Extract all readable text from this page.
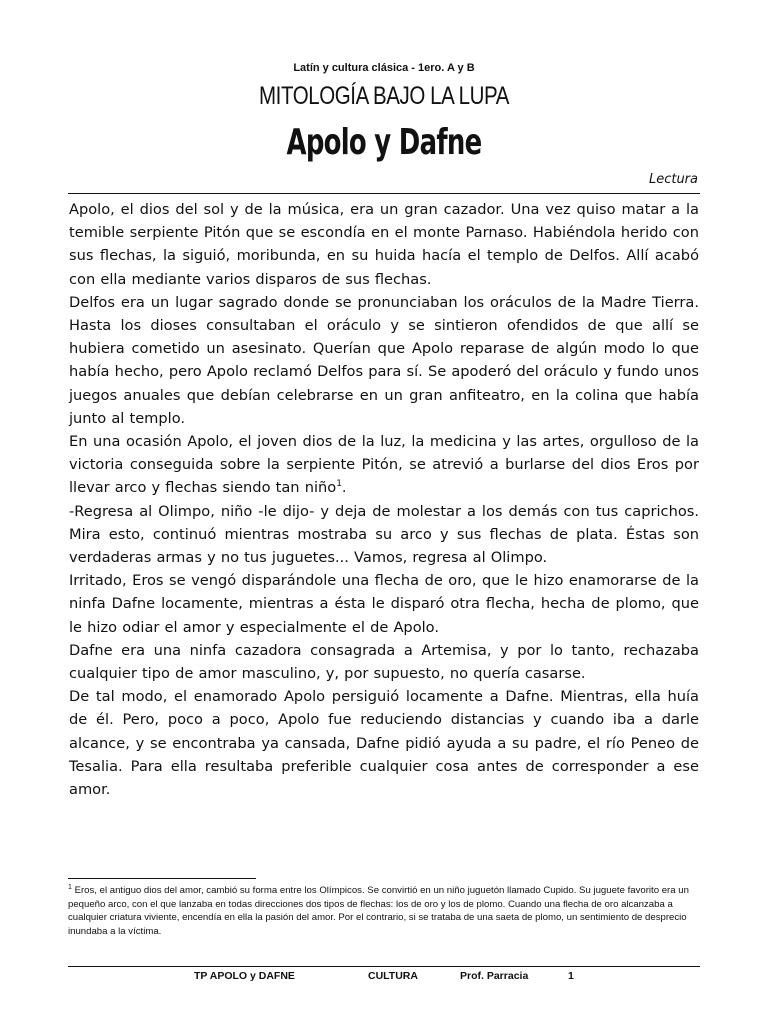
Latín y cultura clásica - 1ero. A y B
MITOLOGÍA BAJO LA LUPA
Apolo y Dafne
Lectura

Apolo, el dios del sol y de la música, era un gran cazador. Una vez quiso matar a la temible serpiente Pitón que se escondía en el monte Parnaso. Habiéndola herido con sus flechas, la siguió, moribunda, en su huida hacía el templo de Delfos. Allí acabó con ella mediante varios disparos de sus flechas.

Delfos era un lugar sagrado donde se pronunciaban los oráculos de la Madre Tierra. Hasta los dioses consultaban el oráculo y se sintieron ofendidos de que allí se hubiera cometido un asesinato. Querían que Apolo reparase de algún modo lo que había hecho, pero Apolo reclamó Delfos para sí. Se apoderó del oráculo y fundo unos juegos anuales que debían celebrarse en un gran anfiteatro, en la colina que había junto al templo.

En una ocasión Apolo, el joven dios de la luz, la medicina y las artes, orgulloso de la victoria conseguida sobre la serpiente Pitón, se atrevió a burlarse del dios Eros por llevar arco y flechas siendo tan niño$^1$.

-Regresa al Olimpo, niño -le dijo- y deja de molestar a los demás con tus caprichos. Mira esto, continuó mientras mostraba su arco y sus flechas de plata. Éstas son verdaderas armas y no tus juguetes... Vamos, regresa al Olimpo.

Irritado, Eros se vengó disparándole una flecha de oro, que le hizo enamorarse de la ninfa Dafne locamente, mientras a ésta le disparó otra flecha, hecha de plomo, que le hizo odiar el amor y especialmente el de Apolo.

Dafne era una ninfa cazadora consagrada a Artemisa, y por lo tanto, rechazaba cualquier tipo de amor masculino, y, por supuesto, no quería casarse.

De tal modo, el enamorado Apolo persiguió locamente a Dafne. Mientras, ella huía de él. Pero, poco a poco, Apolo fue reduciendo distancias y cuando iba a darle alcance, y se encontraba ya cansada, Dafne pidió ayuda a su padre, el río Peneo de Tesalia. Para ella resultaba preferible cualquier cosa antes de corresponder a ese amor.

$^1$ Eros, el antiguo dios del amor, cambió su forma entre los Olímpicos. Se convirtió en un niño juguetón llamado Cupido. Su juguete favorito era un pequeño arco, con el que lanzaba en todas direcciones dos tipos de flechas: los de oro y los de plomo. Cuando una flecha de oro alcanzaba a cualquier criatura viviente, encendía en ella la pasión del amor. Por el contrario, si se trataba de una saeta de plomo, un sentimiento de desprecio inundaba a la víctima.
TP APOLO y DAFNE	CULTURA	Prof. Parracia	1
